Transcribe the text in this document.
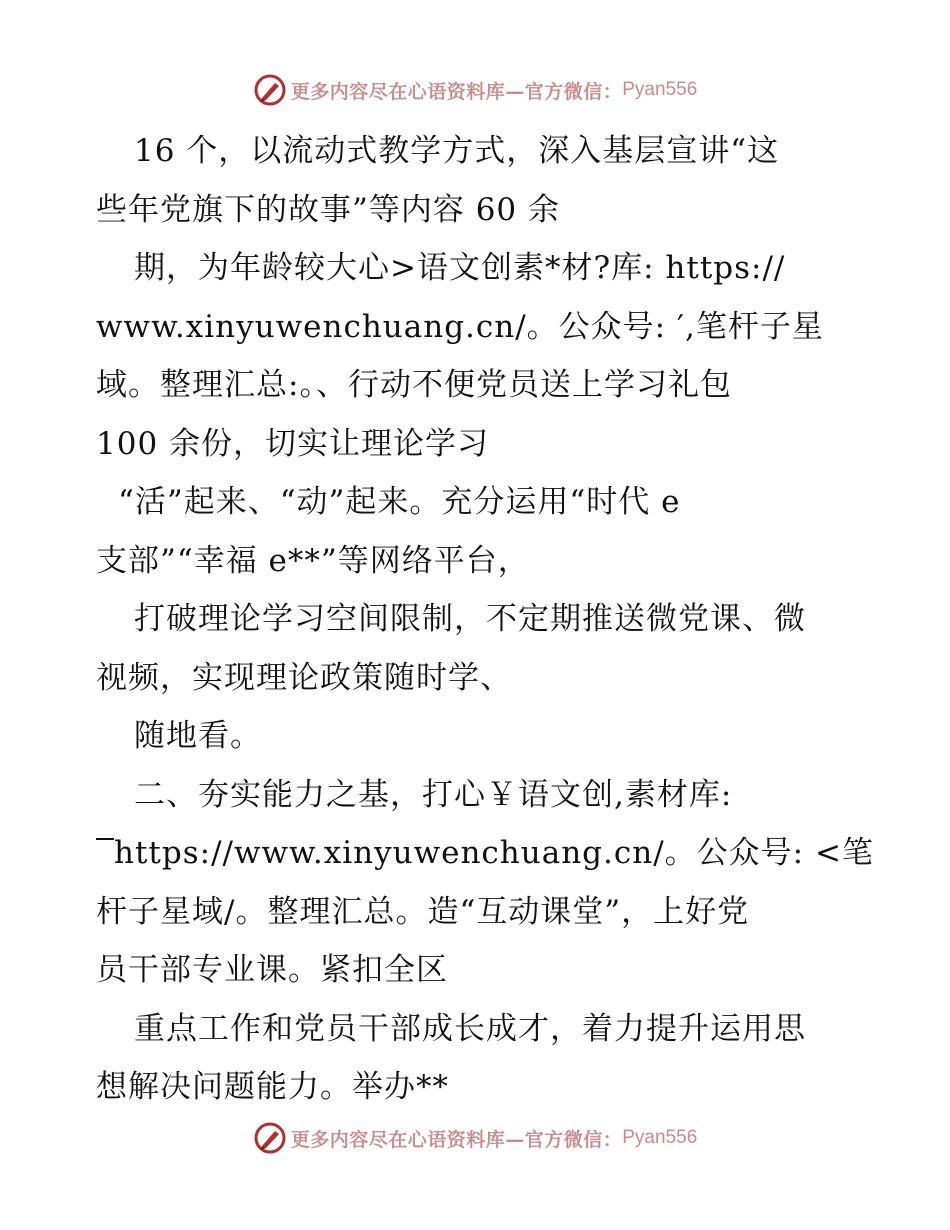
更多内容尽在心语资料库—官方微信： Pyan556
16 个，以流动式教学方式，深入基层宣讲“这
些年党旗下的故事”等内容 60 余
期，为年龄较大心>语文创素*材?库: https://
www.xinyuwenchuang.cn/。公众号: ′,笔杆子星
域。整理汇总:。、行动不便党员送上学习礼包
100 余份，切实让理论学习
“活”起来、“动”起来。充分运用“时代 e
支部”“幸福 e**”等网络平台，
打破理论学习空间限制，不定期推送微党课、微
视频，实现理论政策随时学、
随地看。
二、夯实能力之基，打心￥语文创,素材库:
https://www.xinyuwenchuang.cn/。公众号: <笔
杆子星域/。整理汇总。造“互动课堂”，上好党
员干部专业课。紧扣全区
重点工作和党员干部成长成才，着力提升运用思
想解决问题能力。举办**
更多内容尽在心语资料库—官方微信： Pyan556
